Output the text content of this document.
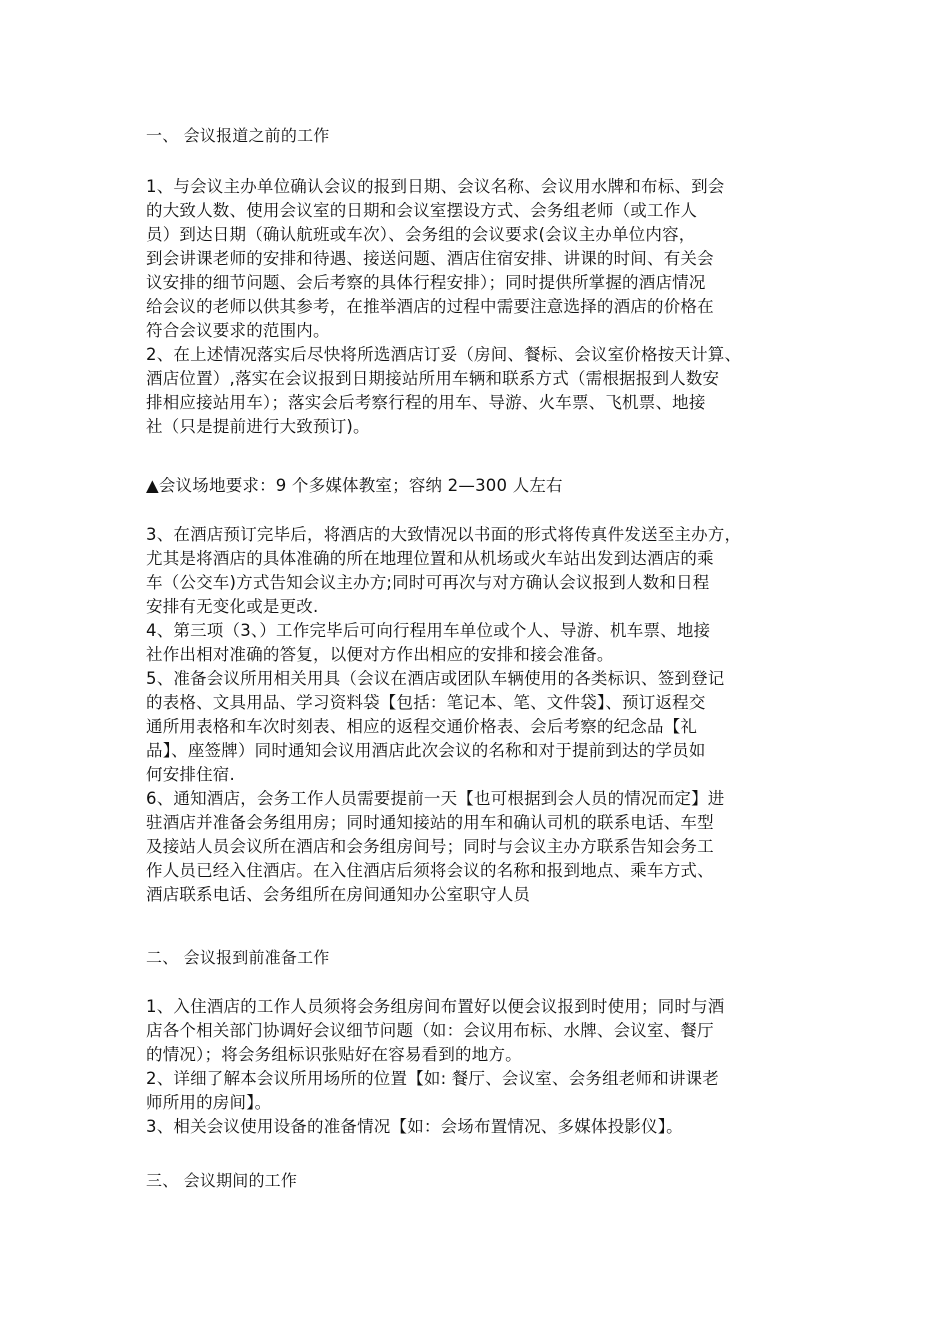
一、 会议报道之前的工作
1、与会议主办单位确认会议的报到日期、会议名称、会议用水牌和布标、到会
的大致人数、使用会议室的日期和会议室摆设方式、会务组老师（或工作人
员）到达日期（确认航班或车次）、会务组的会议要求(会议主办单位内容，
到会讲课老师的安排和待遇、接送问题、酒店住宿安排、讲课的时间、有关会
议安排的细节问题、会后考察的具体行程安排）；同时提供所掌握的酒店情况
给会议的老师以供其参考，在推举酒店的过程中需要注意选择的酒店的价格在
符合会议要求的范围内。
2、在上述情况落实后尽快将所选酒店订妥（房间、餐标、会议室价格按天计算、
酒店位置）,落实在会议报到日期接站所用车辆和联系方式（需根据报到人数安
排相应接站用车）；落实会后考察行程的用车、导游、火车票、飞机票、地接
社（只是提前进行大致预订)。
▲会议场地要求：9 个多媒体教室；容纳 2—300 人左右
3、在酒店预订完毕后，将酒店的大致情况以书面的形式将传真件发送至主办方，
尤其是将酒店的具体准确的所在地理位置和从机场或火车站出发到达酒店的乘
车（公交车)方式告知会议主办方;同时可再次与对方确认会议报到人数和日程
安排有无变化或是更改.
4、第三项（3、）工作完毕后可向行程用车单位或个人、导游、机车票、地接
社作出相对准确的答复，以便对方作出相应的安排和接会准备。
5、准备会议所用相关用具（会议在酒店或团队车辆使用的各类标识、签到登记
的表格、文具用品、学习资料袋【包括：笔记本、笔、文件袋】、预订返程交
通所用表格和车次时刻表、相应的返程交通价格表、会后考察的纪念品【礼
品】、座签牌）同时通知会议用酒店此次会议的名称和对于提前到达的学员如
何安排住宿.
6、通知酒店，会务工作人员需要提前一天【也可根据到会人员的情况而定】进
驻酒店并准备会务组用房；同时通知接站的用车和确认司机的联系电话、车型
及接站人员会议所在酒店和会务组房间号；同时与会议主办方联系告知会务工
作人员已经入住酒店。在入住酒店后须将会议的名称和报到地点、乘车方式、
酒店联系电话、会务组所在房间通知办公室职守人员
二、 会议报到前准备工作
1、入住酒店的工作人员须将会务组房间布置好以便会议报到时使用；同时与酒
店各个相关部门协调好会议细节问题（如：会议用布标、水牌、会议室、餐厅
的情况）；将会务组标识张贴好在容易看到的地方。
2、详细了解本会议所用场所的位置【如: 餐厅、会议室、会务组老师和讲课老
师所用的房间】。
3、相关会议使用设备的准备情况【如：会场布置情况、多媒体投影仪】。
三、 会议期间的工作
